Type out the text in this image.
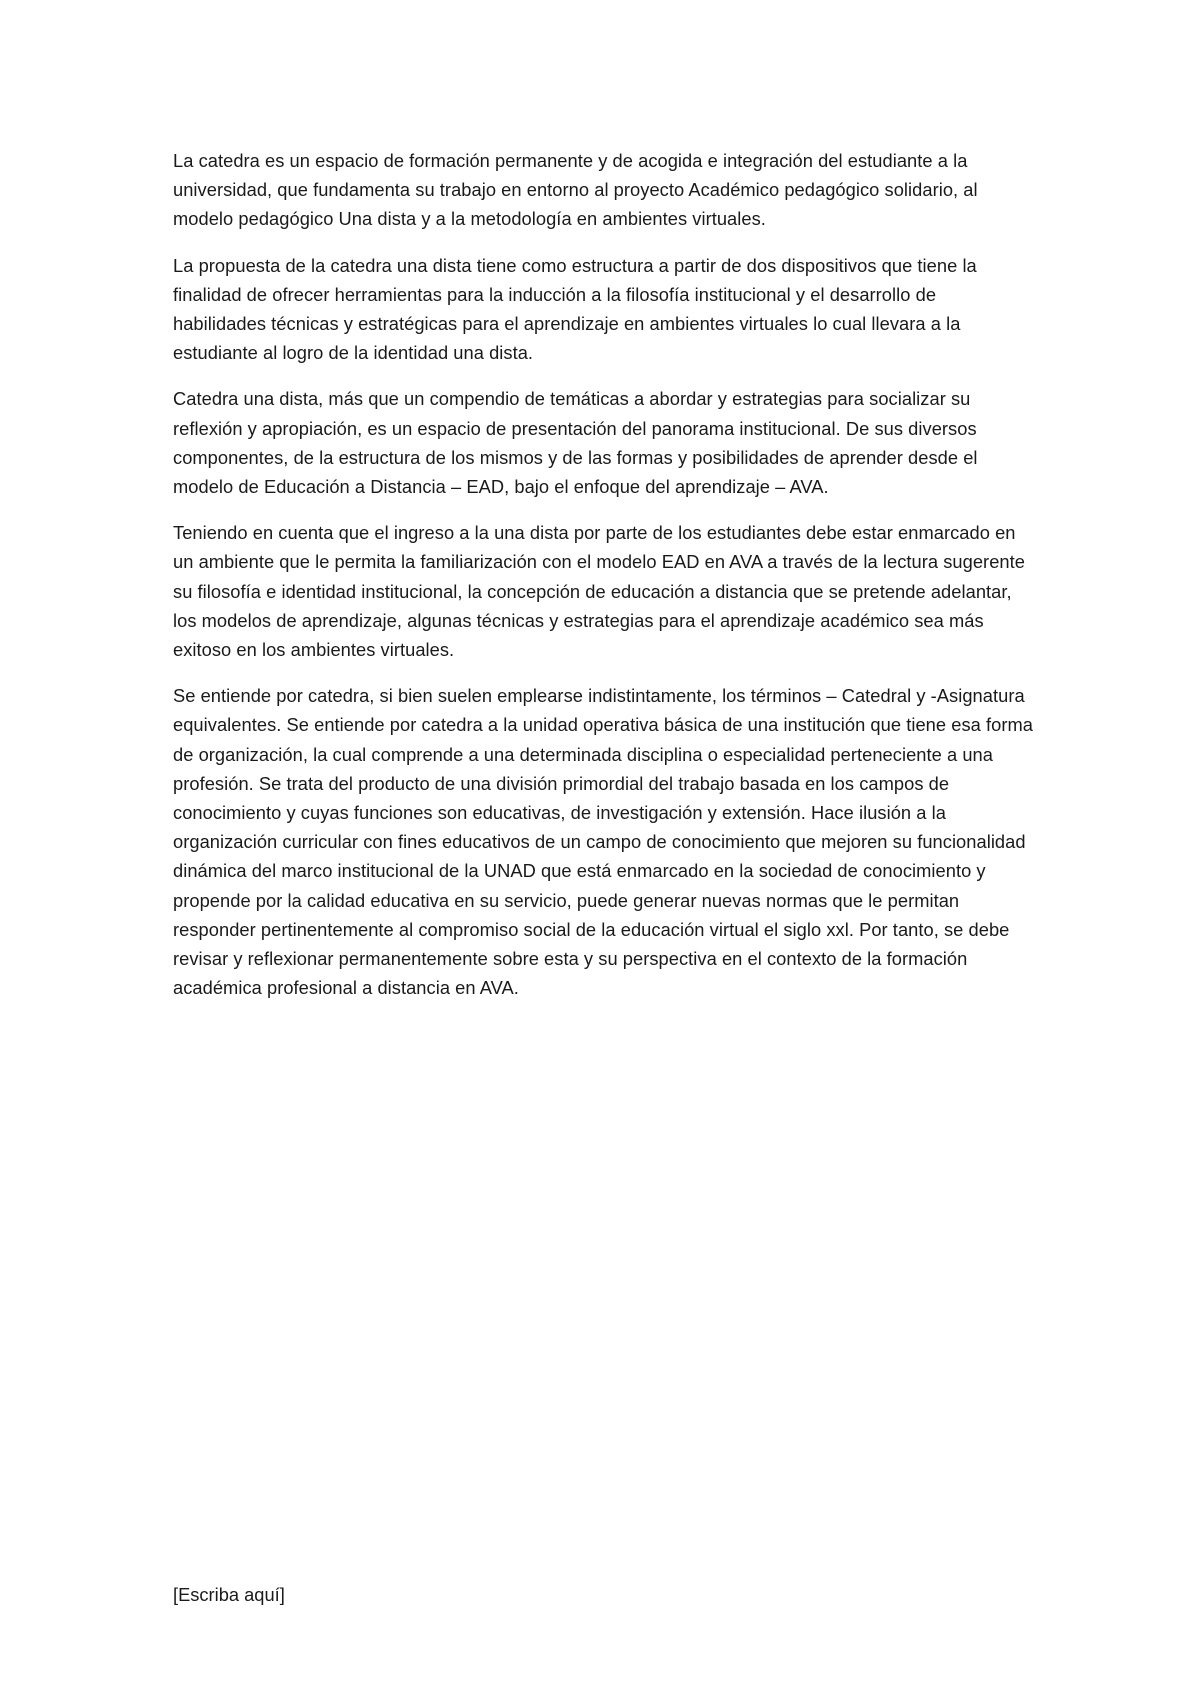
La catedra es un espacio de formación permanente y de acogida e integración del estudiante a la universidad, que fundamenta su trabajo en entorno al proyecto Académico pedagógico solidario, al modelo pedagógico Una dista y a la metodología en ambientes virtuales.

La propuesta de la catedra una dista tiene como estructura a partir de dos dispositivos que tiene la finalidad de ofrecer herramientas para la inducción a la filosofía institucional y el desarrollo de habilidades técnicas y estratégicas para el aprendizaje en ambientes virtuales lo cual llevara a la estudiante al logro de la identidad una dista.

Catedra una dista, más que un compendio de temáticas a abordar y estrategias para socializar su reflexión y apropiación, es un espacio de presentación del panorama institucional. De sus diversos componentes, de la estructura de los mismos y de las formas y posibilidades de aprender desde el modelo de Educación a Distancia – EAD, bajo el enfoque del aprendizaje – AVA.

Teniendo en cuenta que el ingreso a la una dista por parte de los estudiantes debe estar enmarcado en un ambiente que le permita la familiarización con el modelo EAD en AVA a través de la lectura sugerente su filosofía e identidad institucional, la concepción de educación a distancia que se pretende adelantar, los modelos de aprendizaje, algunas técnicas y estrategias para el aprendizaje académico sea más exitoso en los ambientes virtuales.

Se entiende por catedra, si bien suelen emplearse indistintamente, los términos – Catedral y -Asignatura equivalentes. Se entiende por catedra a la unidad operativa básica de una institución que tiene esa forma de organización, la cual comprende a una determinada disciplina o especialidad perteneciente a una profesión. Se trata del producto de una división primordial del trabajo basada en los campos de conocimiento y cuyas funciones son educativas, de investigación y extensión. Hace ilusión a la organización curricular con fines educativos de un campo de conocimiento que mejoren su funcionalidad dinámica del marco institucional de la UNAD que está enmarcado en la sociedad de conocimiento y propende por la calidad educativa en su servicio, puede generar nuevas normas que le permitan responder pertinentemente al compromiso social de la educación virtual el siglo xxl. Por tanto, se debe revisar y reflexionar permanentemente sobre esta y su perspectiva en el contexto de la formación académica profesional a distancia en AVA.

[Escriba aquí]
